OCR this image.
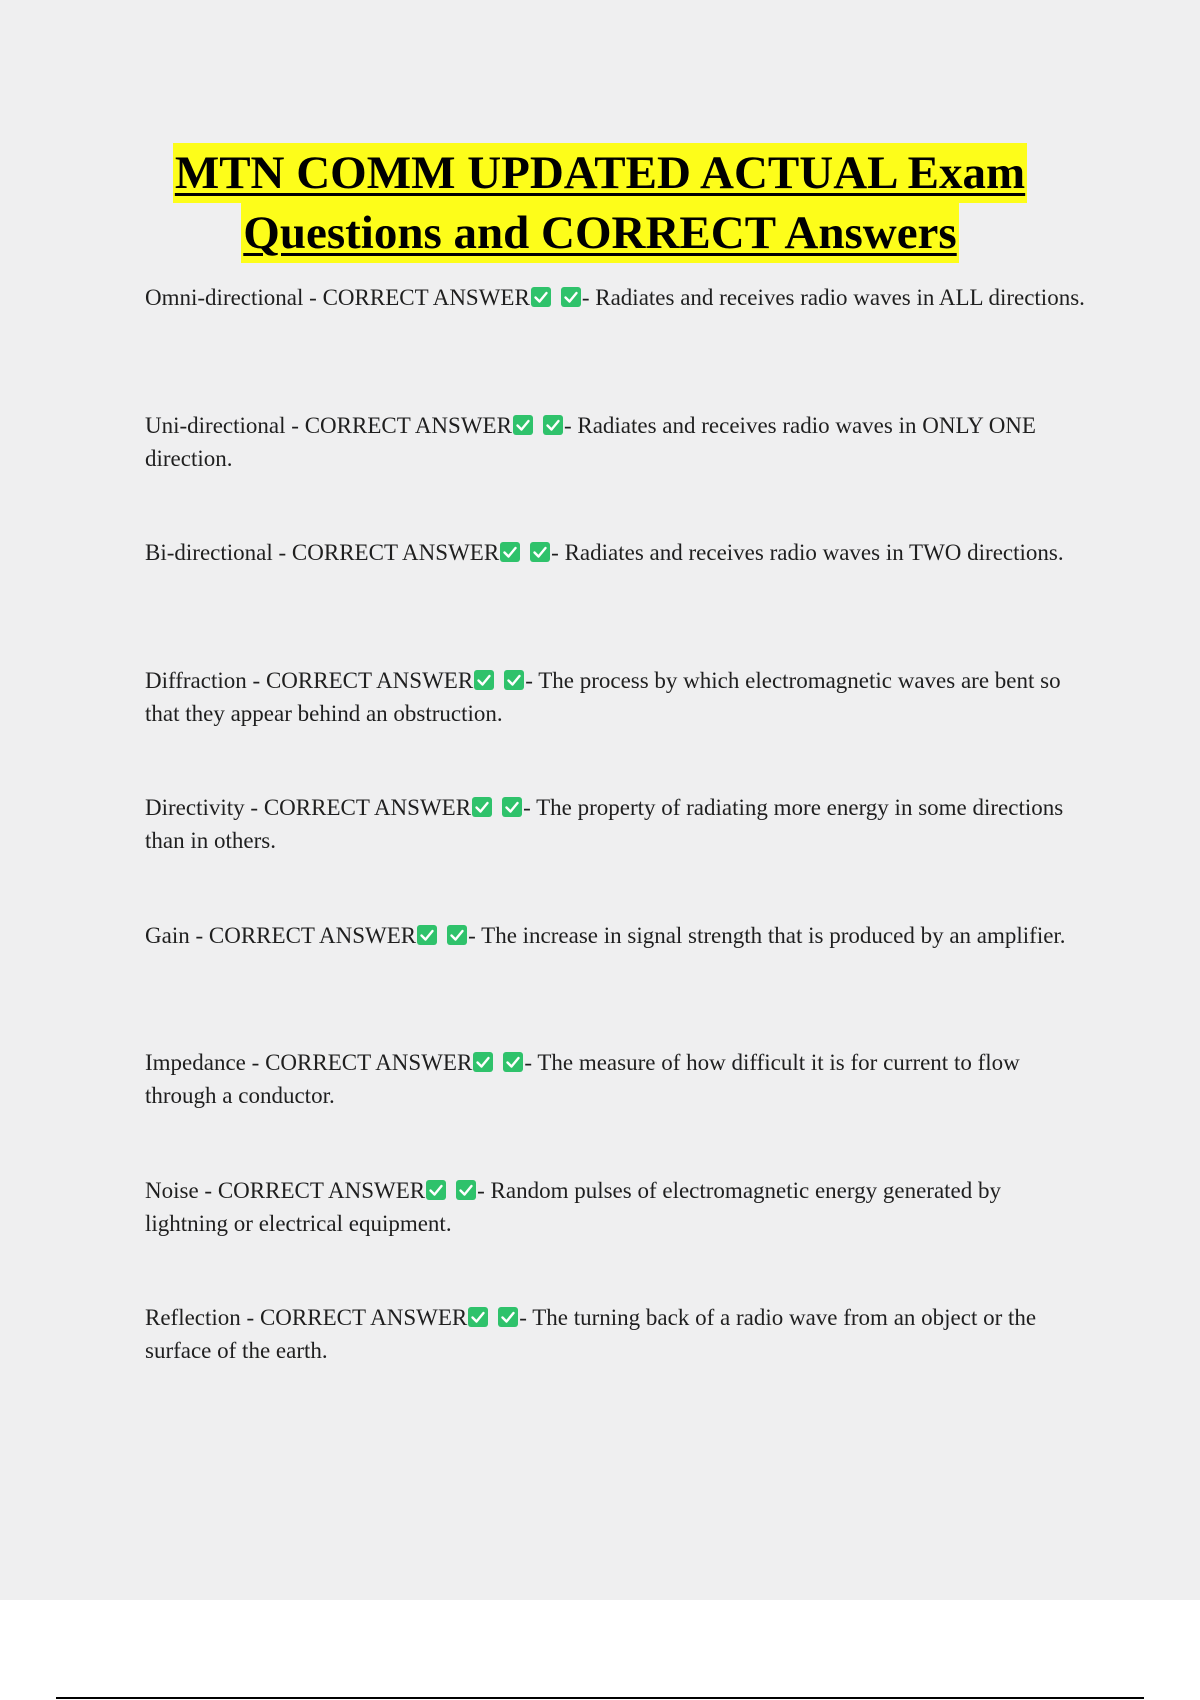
MTN COMM UPDATED ACTUAL Exam
Questions and CORRECT Answers
Omni-directional - CORRECT ANSWER - Radiates and receives radio waves in ALL directions.
Uni-directional - CORRECT ANSWER - Radiates and receives radio waves in ONLY ONE direction.
Bi-directional - CORRECT ANSWER - Radiates and receives radio waves in TWO directions.
Diffraction - CORRECT ANSWER - The process by which electromagnetic waves are bent so that they appear behind an obstruction.
Directivity - CORRECT ANSWER - The property of radiating more energy in some directions than in others.
Gain - CORRECT ANSWER - The increase in signal strength that is produced by an amplifier.
Impedance - CORRECT ANSWER - The measure of how difficult it is for current to flow through a conductor.
Noise - CORRECT ANSWER - Random pulses of electromagnetic energy generated by lightning or electrical equipment.
Reflection - CORRECT ANSWER - The turning back of a radio wave from an object or the surface of the earth.
